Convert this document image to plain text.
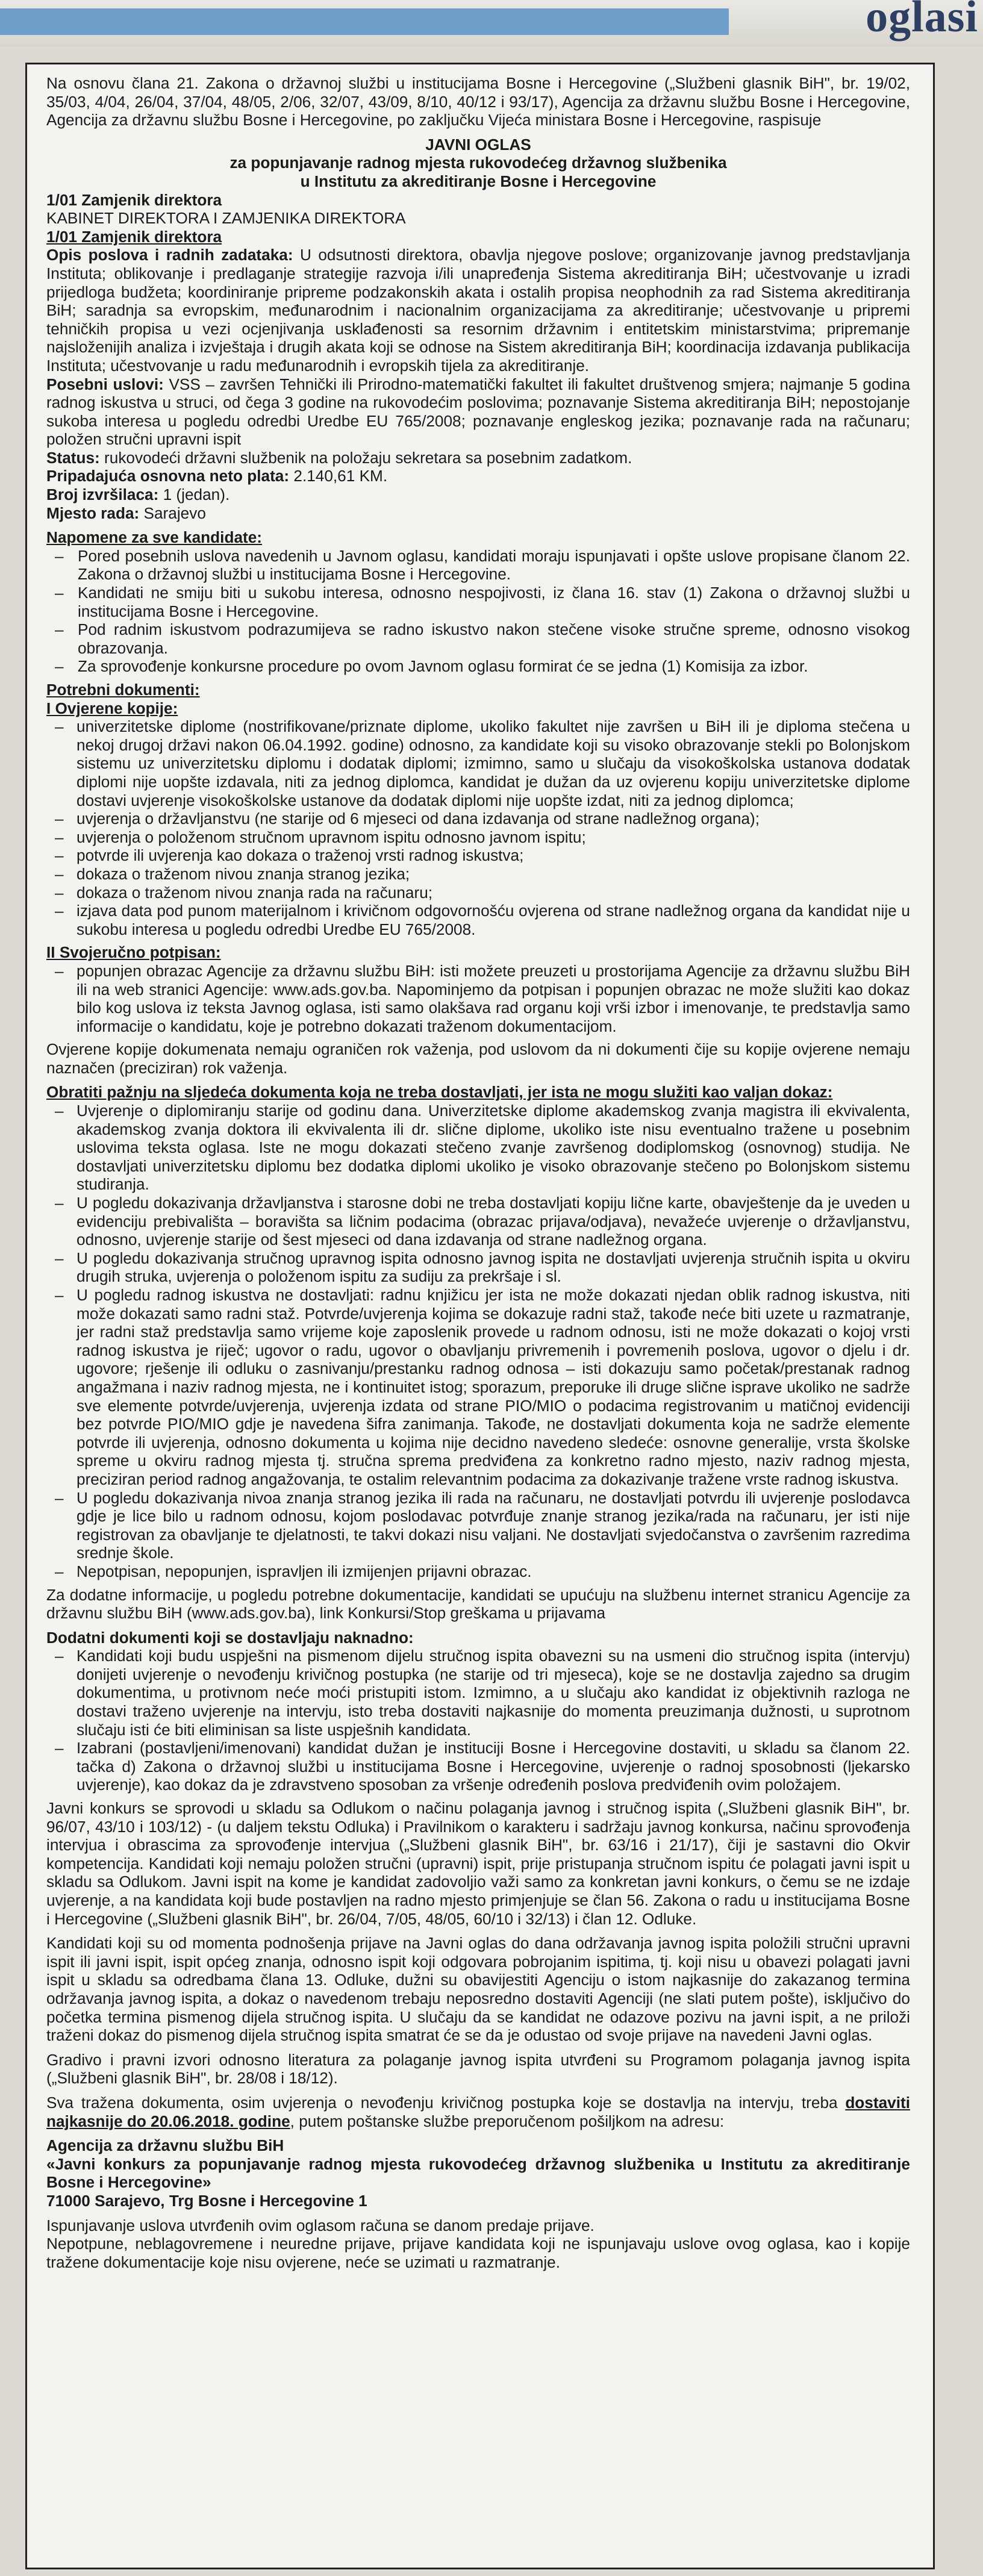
oglasi

Na osnovu člana 21. Zakona o državnoj službi u institucijama Bosne i Hercegovine („Službeni glasnik BiH", br. 19/02, 35/03, 4/04, 26/04, 37/04, 48/05, 2/06, 32/07, 43/09, 8/10, 40/12 i 93/17), Agencija za državnu službu Bosne i Hercegovine, Agencija za državnu službu Bosne i Hercegovine, po zaključku Vijeća ministara Bosne i Hercegovine, raspisuje

JAVNI OGLAS

za popunjavanje radnog mjesta rukovodećeg državnog službenika

u Institutu za akreditiranje Bosne i Hercegovine

1/01 Zamjenik direktora

KABINET DIREKTORA I ZAMJENIKA DIREKTORA

1/01 Zamjenik direktora

Opis poslova i radnih zadataka: U odsutnosti direktora, obavlja njegove poslove; organizovanje javnog predstavljanja Instituta; oblikovanje i predlaganje strategije razvoja i/ili unapređenja Sistema akreditiranja BiH; učestvovanje u izradi prijedloga budžeta; koordiniranje pripreme podzakonskih akata i ostalih propisa neophodnih za rad Sistema akreditiranja BiH; saradnja sa evropskim, međunarodnim i nacionalnim organizacijama za akreditiranje; učestvovanje u pripremi tehničkih propisa u vezi ocjenjivanja usklađenosti sa resornim državnim i entitetskim ministarstvima; pripremanje najsloženijih analiza i izvještaja i drugih akata koji se odnose na Sistem akreditiranja BiH; koordinacija izdavanja publikacija Instituta; učestvovanje u radu međunarodnih i evropskih tijela za akreditiranje.

Posebni uslovi: VSS – završen Tehnički ili Prirodno-matematički fakultet ili fakultet društvenog smjera; najmanje 5 godina radnog iskustva u struci, od čega 3 godine na rukovodećim poslovima; poznavanje Sistema akreditiranja BiH; nepostojanje sukoba interesa u pogledu odredbi Uredbe EU 765/2008; poznavanje engleskog jezika; poznavanje rada na računaru; položen stručni upravni ispit

Status: rukovodeći državni službenik na položaju sekretara sa posebnim zadatkom.

Pripadajuća osnovna neto plata: 2.140,61 KM.

Broj izvršilaca: 1 (jedan).

Mjesto rada: Sarajevo

Napomene za sve kandidate:

– Pored posebnih uslova navedenih u Javnom oglasu, kandidati moraju ispunjavati i opšte uslove propisane članom 22. Zakona o državnoj službi u institucijama Bosne i Hercegovine.
– Kandidati ne smiju biti u sukobu interesa, odnosno nespojivosti, iz člana 16. stav (1) Zakona o državnoj službi u institucijama Bosne i Hercegovine.
– Pod radnim iskustvom podrazumijeva se radno iskustvo nakon stečene visoke stručne spreme, odnosno visokog obrazovanja.
– Za sprovođenje konkursne procedure po ovom Javnom oglasu formirat će se jedna (1) Komisija za izbor.

Potrebni dokumenti:

I Ovjerene kopije:

– univerzitetske diplome (nostrifikovane/priznate diplome, ukoliko fakultet nije završen u BiH ili je diploma stečena u nekoj drugoj državi nakon 06.04.1992. godine) odnosno, za kandidate koji su visoko obrazovanje stekli po Bolonjskom sistemu uz univerzitetsku diplomu i dodatak diplomi; izmimno, samo u slučaju da visokoškolska ustanova dodatak diplomi nije uopšte izdavala, niti za jednog diplomca, kandidat je dužan da uz ovjerenu kopiju univerzitetske diplome dostavi uvjerenje visokoškolske ustanove da dodatak diplomi nije uopšte izdat, niti za jednog diplomca;
– uvjerenja o državljanstvu (ne starije od 6 mjeseci od dana izdavanja od strane nadležnog organa);
– uvjerenja o položenom stručnom upravnom ispitu odnosno javnom ispitu;
– potvrde ili uvjerenja kao dokaza o traženoj vrsti radnog iskustva;
– dokaza o traženom nivou znanja stranog jezika;
– dokaza o traženom nivou znanja rada na računaru;
– izjava data pod punom materijalnom i krivičnom odgovornošću ovjerena od strane nadležnog organa da kandidat nije u sukobu interesa u pogledu odredbi Uredbe EU 765/2008.

II Svojeručno potpisan:

– popunjen obrazac Agencije za državnu službu BiH: isti možete preuzeti u prostorijama Agencije za državnu službu BiH ili na web stranici Agencije: www.ads.gov.ba. Napominjemo da potpisan i popunjen obrazac ne može služiti kao dokaz bilo kog uslova iz teksta Javnog oglasa, isti samo olakšava rad organu koji vrši izbor i imenovanje, te predstavlja samo informacije o kandidatu, koje je potrebno dokazati traženom dokumentacijom.

Ovjerene kopije dokumenata nemaju ograničen rok važenja, pod uslovom da ni dokumenti čije su kopije ovjerene nemaju naznačen (preciziran) rok važenja.

Obratiti pažnju na sljedeća dokumenta koja ne treba dostavljati, jer ista ne mogu služiti kao valjan dokaz:

– Uvjerenje o diplomiranju starije od godinu dana. Univerzitetske diplome akademskog zvanja magistra ili ekvivalenta, akademskog zvanja doktora ili ekvivalenta ili dr. slične diplome, ukoliko iste nisu eventualno tražene u posebnim uslovima teksta oglasa. Iste ne mogu dokazati stečeno zvanje završenog dodiplomskog (osnovnog) studija. Ne dostavljati univerzitetsku diplomu bez dodatka diplomi ukoliko je visoko obrazovanje stečeno po Bolonjskom sistemu studiranja.
– U pogledu dokazivanja državljanstva i starosne dobi ne treba dostavljati kopiju lične karte, obavještenje da je uveden u evidenciju prebivališta – boravišta sa ličnim podacima (obrazac prijava/odjava), nevažeće uvjerenje o državljanstvu, odnosno, uvjerenje starije od šest mjeseci od dana izdavanja od strane nadležnog organa.
– U pogledu dokazivanja stručnog upravnog ispita odnosno javnog ispita ne dostavljati uvjerenja stručnih ispita u okviru drugih struka, uvjerenja o položenom ispitu za sudiju za prekršaje i sl.
– U pogledu radnog iskustva ne dostavljati: radnu knjižicu jer ista ne može dokazati njedan oblik radnog iskustva, niti može dokazati samo radni staž. Potvrde/uvjerenja kojima se dokazuje radni staž, takođe neće biti uzete u razmatranje, jer radni staž predstavlja samo vrijeme koje zaposlenik provede u radnom odnosu, isti ne može dokazati o kojoj vrsti radnog iskustva je riječ; ugovor o radu, ugovor o obavljanju privremenih i povremenih poslova, ugovor o djelu i dr. ugovore; rješenje ili odluku o zasnivanju/prestanku radnog odnosa – isti dokazuju samo početak/prestanak radnog angažmana i naziv radnog mjesta, ne i kontinuitet istog; sporazum, preporuke ili druge slične isprave ukoliko ne sadrže sve elemente potvrde/uvjerenja, uvjerenja izdata od strane PIO/MIO o podacima registrovanim u matičnoj evidenciji bez potvrde PIO/MIO gdje je navedena šifra zanimanja. Takođe, ne dostavljati dokumenta koja ne sadrže elemente potvrde ili uvjerenja, odnosno dokumenta u kojima nije decidno navedeno sledeće: osnovne generalije, vrsta školske spreme u okviru radnog mjesta tj. stručna sprema predviđena za konkretno radno mjesto, naziv radnog mjesta, preciziran period radnog angažovanja, te ostalim relevantnim podacima za dokazivanje tražene vrste radnog iskustva.
– U pogledu dokazivanja nivoa znanja stranog jezika ili rada na računaru, ne dostavljati potvrdu ili uvjerenje poslodavca gdje je lice bilo u radnom odnosu, kojom poslodavac potvrđuje znanje stranog jezika/rada na računaru, jer isti nije registrovan za obavljanje te djelatnosti, te takvi dokazi nisu valjani. Ne dostavljati svjedočanstva o završenim razredima srednje škole.
– Nepotpisan, nepopunjen, ispravljen ili izmijenjen prijavni obrazac.

Za dodatne informacije, u pogledu potrebne dokumentacije, kandidati se upućuju na službenu internet stranicu Agencije za državnu službu BiH (www.ads.gov.ba), link Konkursi/Stop greškama u prijavama

Dodatni dokumenti koji se dostavljaju naknadno:

– Kandidati koji budu uspješni na pismenom dijelu stručnog ispita obavezni su na usmeni dio stručnog ispita (intervju) donijeti uvjerenje o nevođenju krivičnog postupka (ne starije od tri mjeseca), koje se ne dostavlja zajedno sa drugim dokumentima, u protivnom neće moći pristupiti istom. Izmimno, a u slučaju ako kandidat iz objektivnih razloga ne dostavi traženo uvjerenje na intervju, isto treba dostaviti najkasnije do momenta preuzimanja dužnosti, u suprotnom slučaju isti će biti eliminisan sa liste uspješnih kandidata.
– Izabrani (postavljeni/imenovani) kandidat dužan je instituciji Bosne i Hercegovine dostaviti, u skladu sa članom 22. tačka d) Zakona o državnoj službi u institucijama Bosne i Hercegovine, uvjerenje o radnoj sposobnosti (ljekarsko uvjerenje), kao dokaz da je zdravstveno sposoban za vršenje određenih poslova predviđenih ovim položajem.

Javni konkurs se sprovodi u skladu sa Odlukom o načinu polaganja javnog i stručnog ispita („Službeni glasnik BiH", br. 96/07, 43/10 i 103/12) - (u daljem tekstu Odluka) i Pravilnikom o karakteru i sadržaju javnog konkursa, načinu sprovođenja intervjua i obrascima za sprovođenje intervjua („Službeni glasnik BiH", br. 63/16 i 21/17), čiji je sastavni dio Okvir kompetencija. Kandidati koji nemaju položen stručni (upravni) ispit, prije pristupanja stručnom ispitu će polagati javni ispit u skladu sa Odlukom. Javni ispit na kome je kandidat zadovoljio važi samo za konkretan javni konkurs, o čemu se ne izdaje uvjerenje, a na kandidata koji bude postavljen na radno mjesto primjenjuje se član 56. Zakona o radu u institucijama Bosne i Hercegovine („Službeni glasnik BiH", br. 26/04, 7/05, 48/05, 60/10 i 32/13) i član 12. Odluke.

Kandidati koji su od momenta podnošenja prijave na Javni oglas do dana održavanja javnog ispita položili stručni upravni ispit ili javni ispit, ispit općeg znanja, odnosno ispit koji odgovara pobrojanim ispitima, tj. koji nisu u obavezi polagati javni ispit u skladu sa odredbama člana 13. Odluke, dužni su obavijestiti Agenciju o istom najkasnije do zakazanog termina održavanja javnog ispita, a dokaz o navedenom trebaju neposredno dostaviti Agenciji (ne slati putem pošte), isključivo do početka termina pismenog dijela stručnog ispita. U slučaju da se kandidat ne odazove pozivu na javni ispit, a ne priloži traženi dokaz do pismenog dijela stručnog ispita smatrat će se da je odustao od svoje prijave na navedeni Javni oglas.

Gradivo i pravni izvori odnosno literatura za polaganje javnog ispita utvrđeni su Programom polaganja javnog ispita („Službeni glasnik BiH", br. 28/08 i 18/12).

Sva tražena dokumenta, osim uvjerenja o nevođenju krivičnog postupka koje se dostavlja na intervju, treba dostaviti najkasnije do 20.06.2018. godine, putem poštanske službe preporučenom pošiljkom na adresu:

Agencija za državnu službu BiH

«Javni konkurs za popunjavanje radnog mjesta rukovodećeg državnog službenika u Institutu za akreditiranje Bosne i Hercegovine»

71000 Sarajevo, Trg Bosne i Hercegovine 1

Ispunjavanje uslova utvrđenih ovim oglasom računa se danom predaje prijave.

Nepotpune, neblagovremene i neuredne prijave, prijave kandidata koji ne ispunjavaju uslove ovog oglasa, kao i kopije tražene dokumentacije koje nisu ovjerene, neće se uzimati u razmatranje.
